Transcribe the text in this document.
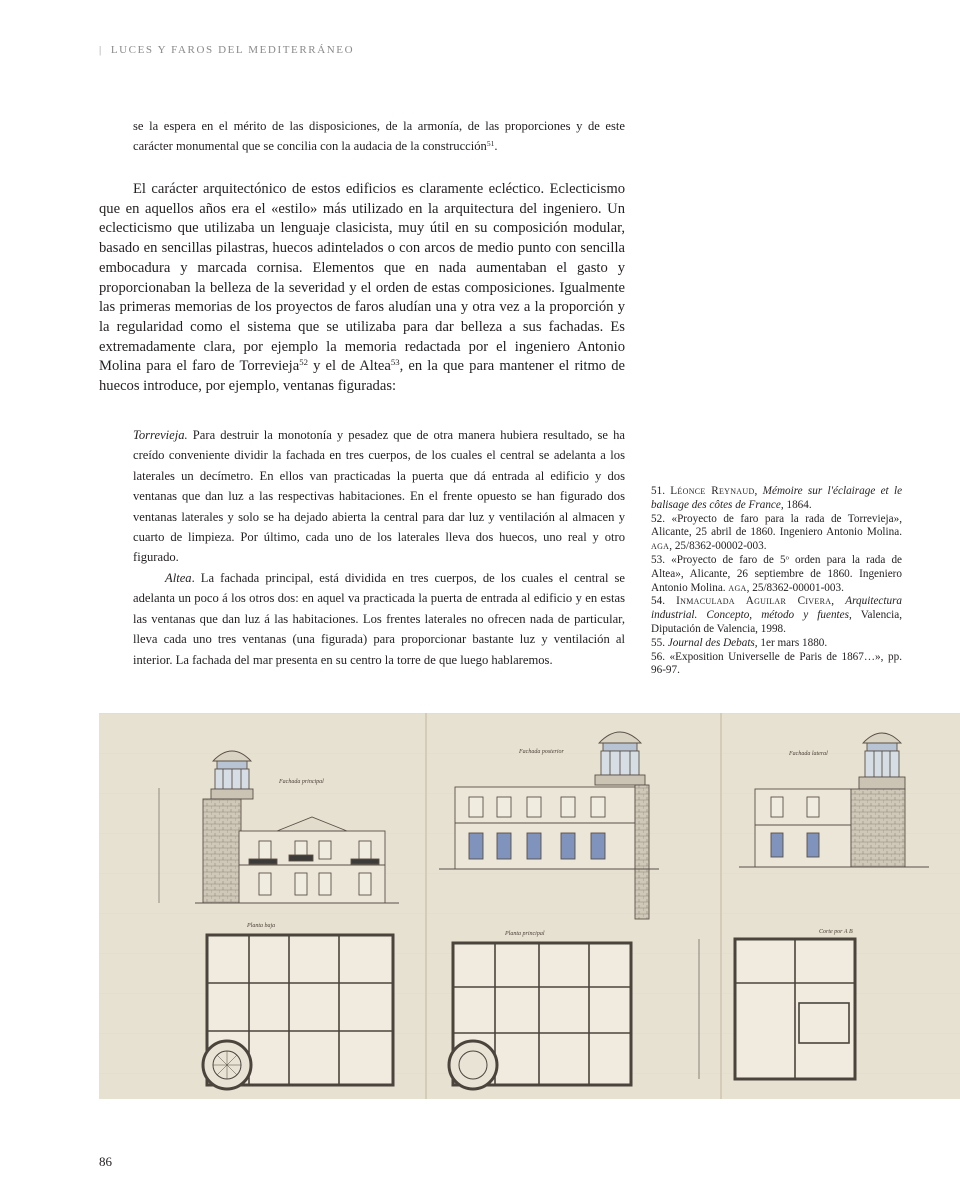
| LUCES Y FAROS DEL MEDITERRÁNEO
se la espera en el mérito de las disposiciones, de la armonía, de las proporciones y de este carácter monumental que se concilia con la audacia de la construcción$^{51}$.
El carácter arquitectónico de estos edificios es claramente ecléctico. Eclecticismo que en aquellos años era el «estilo» más utilizado en la arquitectura del ingeniero. Un eclecticismo que utilizaba un lenguaje clasicista, muy útil en su composición modular, basado en sencillas pilastras, huecos adintelados o con arcos de medio punto con sencilla embocadura y marcada cornisa. Elementos que en nada aumentaban el gasto y proporcionaban la belleza de la severidad y el orden de estas composiciones. Igualmente las primeras memorias de los proyectos de faros aludían una y otra vez a la proporción y la regularidad como el sistema que se utilizaba para dar belleza a sus fachadas. Es extremadamente clara, por ejemplo la memoria redactada por el ingeniero Antonio Molina para el faro de Torrevieja$^{52}$ y el de Altea$^{53}$, en la que para mantener el ritmo de huecos introduce, por ejemplo, ventanas figuradas:
Torrevieja. Para destruir la monotonía y pesadez que de otra manera hubiera resultado, se ha creído conveniente dividir la fachada en tres cuerpos, de los cuales el central se adelanta a los laterales un decímetro. En ellos van practicadas la puerta que dá entrada al edificio y dos ventanas que dan luz a las respectivas habitaciones. En el frente opuesto se han figurado dos ventanas laterales y solo se ha dejado abierta la central para dar luz y ventilación al almacen y cuarto de limpieza. Por último, cada uno de los laterales lleva dos huecos, uno real y otro figurado.
Altea. La fachada principal, está dividida en tres cuerpos, de los cuales el central se adelanta un poco á los otros dos: en aquel va practicada la puerta de entrada al edificio y en estas las ventanas que dan luz á las habitaciones. Los frentes laterales no ofrecen nada de particular, lleva cada uno tres ventanas (una figurada) para proporcionar bastante luz y ventilación al interior. La fachada del mar presenta en su centro la torre de que luego hablaremos.

51. Léonce Reynaud, Mémoire sur l'éclairage et le balisage des côtes de France, 1864.

52. «Proyecto de faro para la rada de Torrevieja», Alicante, 25 abril de 1860. Ingeniero Antonio Molina. aga, 25/8362-00002-003.

53. «Proyecto de faro de 5$^o$ orden para la rada de Altea», Alicante, 26 septiembre de 1860. Ingeniero Antonio Molina. aga, 25/8362-00001-003.

54. Inmaculada Aguilar Civera, Arquitectura industrial. Concepto, método y fuentes, Valencia, Diputación de Valencia, 1998.

55. Journal des Debats, 1er mars 1880.

56. «Exposition Universelle de Paris de 1867…», pp. 96-97.

Fachada principal
Planta baja
Fachada posterior
Planta principal
Fachada lateral
Corte por A B
86
